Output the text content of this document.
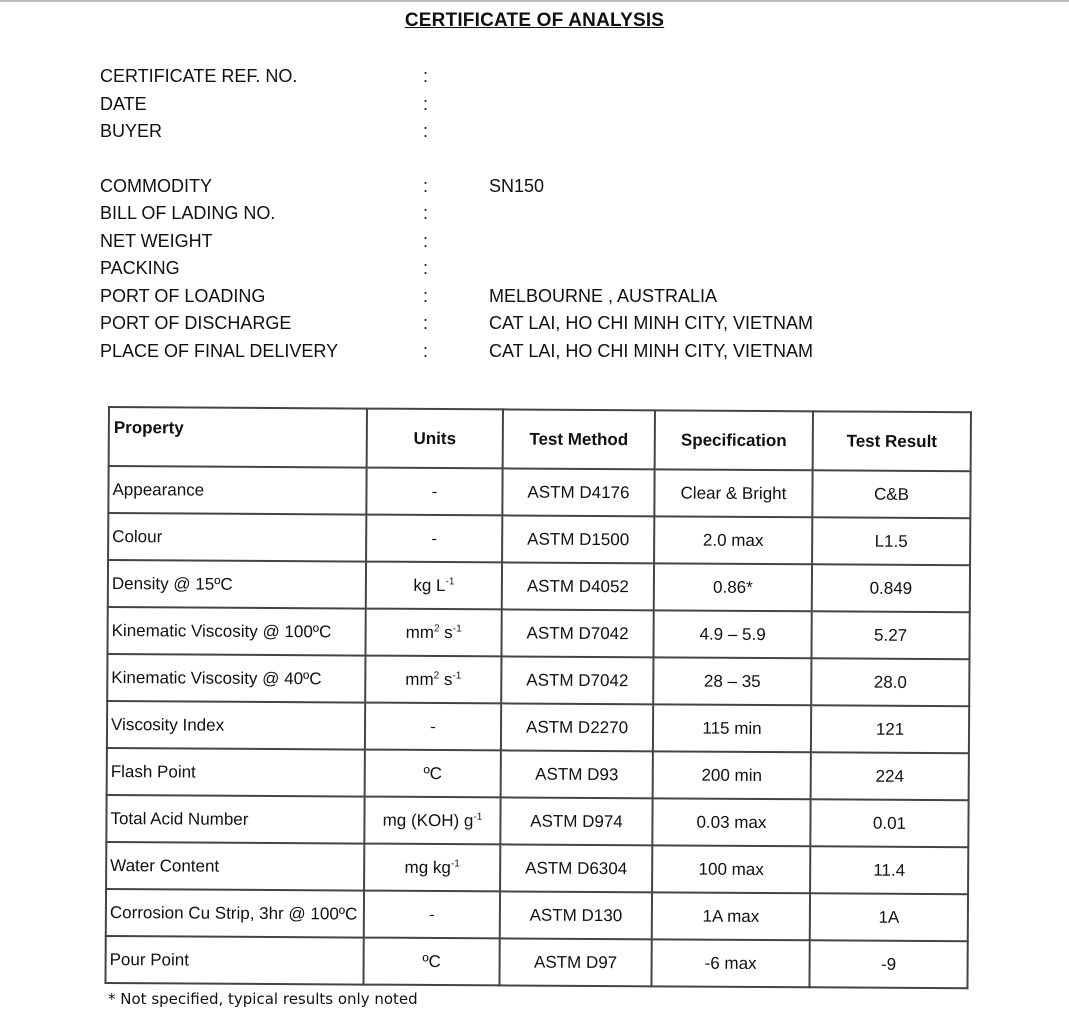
CERTIFICATE OF ANALYSIS
CERTIFICATE REF. NO.	:
DATE	:
BUYER	:
COMMODITY	:	SN150
BILL OF LADING NO.	:
NET WEIGHT	:
PACKING	:
PORT OF LOADING	:	MELBOURNE , AUSTRALIA
PORT OF DISCHARGE	:	CAT LAI, HO CHI MINH CITY, VIETNAM
PLACE OF FINAL DELIVERY	:	CAT LAI, HO CHI MINH CITY, VIETNAM
Property	Units	Test Method	Specification	Test Result
Appearance	-	ASTM D4176	Clear & Bright	C&B
Colour	-	ASTM D1500	2.0 max	L1.5
Density @ 15ºC	kg $L^{-1}$	ASTM D4052	0.86*	0.849
Kinematic Viscosity @ 100ºC	$mm^2$ $s^{-1}$	ASTM D7042	4.9 – 5.9	5.27
Kinematic Viscosity @ 40ºC	$mm^2$ $s^{-1}$	ASTM D7042	28 – 35	28.0
Viscosity Index	-	ASTM D2270	115 min	121
Flash Point	ºC	ASTM D93	200 min	224
Total Acid Number	mg (KOH) $g^{-1}$	ASTM D974	0.03 max	0.01
Water Content	mg $kg^{-1}$	ASTM D6304	100 max	11.4
Corrosion Cu Strip, 3hr @ 100ºC	-	ASTM D130	1A max	1A
Pour Point	ºC	ASTM D97	-6 max	-9
* Not specified, typical results only noted
